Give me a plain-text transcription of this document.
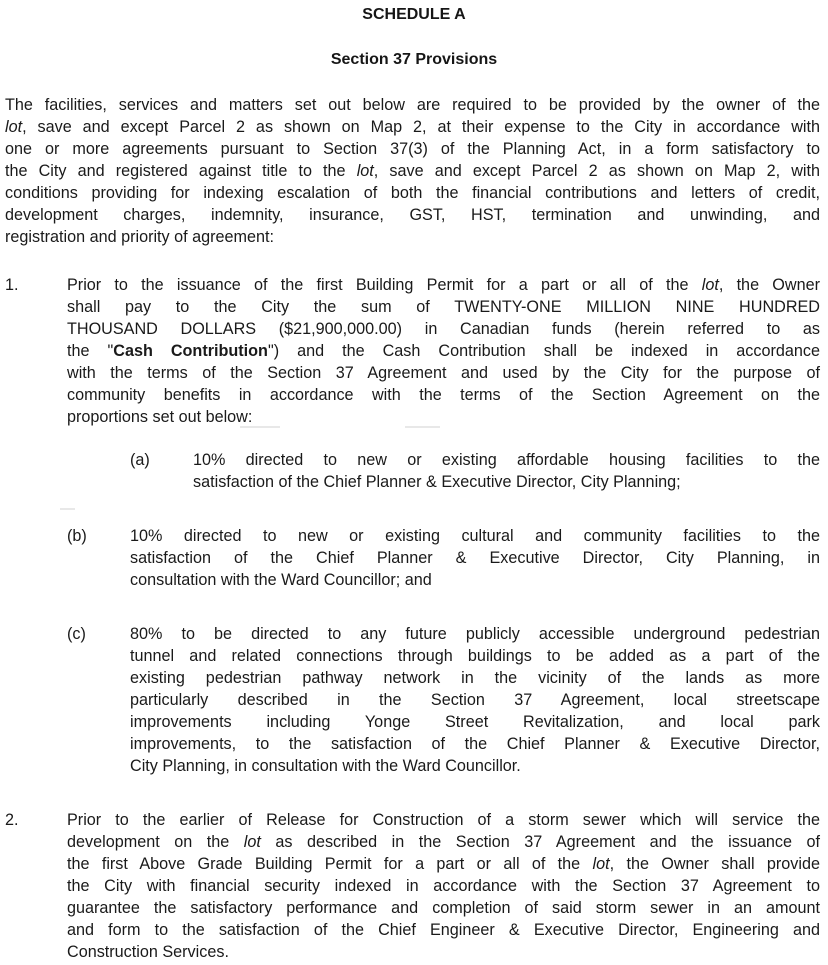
SCHEDULE A
Section 37 Provisions
The facilities, services and matters set out below are required to be provided by the owner of the
lot, save and except Parcel 2 as shown on Map 2, at their expense to the City in accordance with
one or more agreements pursuant to Section 37(3) of the Planning Act, in a form satisfactory to
the City and registered against title to the lot, save and except Parcel 2 as shown on Map 2, with
conditions providing for indexing escalation of both the financial contributions and letters of credit,
development charges, indemnity, insurance, GST, HST, termination and unwinding, and
registration and priority of agreement:
1.	Prior to the issuance of the first Building Permit for a part or all of the lot, the Owner
shall pay to the City the sum of TWENTY-ONE MILLION NINE HUNDRED
THOUSAND DOLLARS ($21,900,000.00) in Canadian funds (herein referred to as
the "Cash Contribution") and the Cash Contribution shall be indexed in accordance
with the terms of the Section 37 Agreement and used by the City for the purpose of
community benefits in accordance with the terms of the Section Agreement on the
proportions set out below:
(a)	10% directed to new or existing affordable housing facilities to the
satisfaction of the Chief Planner & Executive Director, City Planning;
(b)	10% directed to new or existing cultural and community facilities to the
satisfaction of the Chief Planner & Executive Director, City Planning, in
consultation with the Ward Councillor; and
(c)	80% to be directed to any future publicly accessible underground pedestrian
tunnel and related connections through buildings to be added as a part of the
existing pedestrian pathway network in the vicinity of the lands as more
particularly described in the Section 37 Agreement, local streetscape
improvements including Yonge Street Revitalization, and local park
improvements, to the satisfaction of the Chief Planner & Executive Director,
City Planning, in consultation with the Ward Councillor.
2.	Prior to the earlier of Release for Construction of a storm sewer which will service the
development on the lot as described in the Section 37 Agreement and the issuance of
the first Above Grade Building Permit for a part or all of the lot, the Owner shall provide
the City with financial security indexed in accordance with the Section 37 Agreement to
guarantee the satisfactory performance and completion of said storm sewer in an amount
and form to the satisfaction of the Chief Engineer & Executive Director, Engineering and
Construction Services.
